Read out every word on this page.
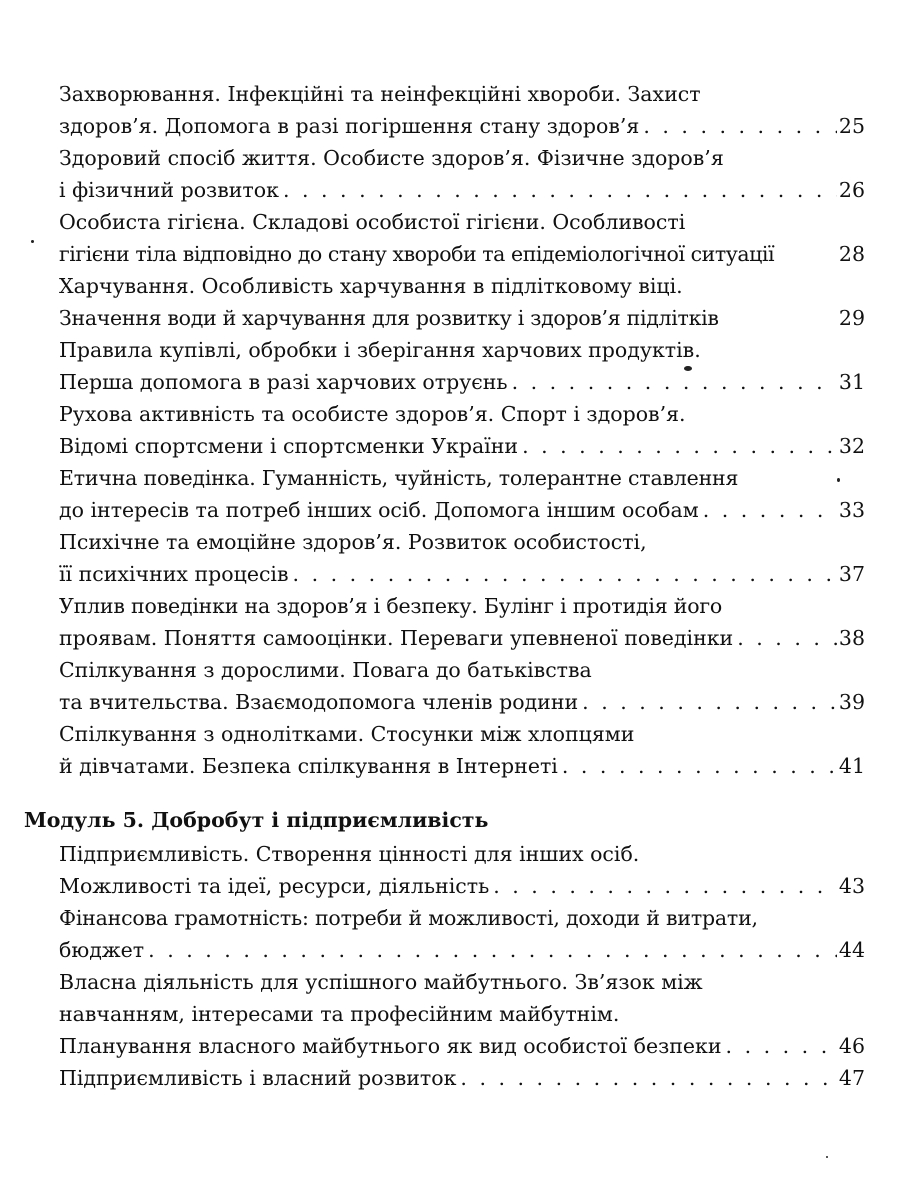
Захворювання. Інфекційні та неінфекційні хвороби. Захист
здоров’я. Допомога в разі погіршення стану здоров’я . . .	25
Здоровий спосіб життя. Особисте здоров’я. Фізичне здоров’я
і фізичний розвиток . . .	26
Особиста гігієна. Складові особистої гігієни. Особливості
гігієни тіла відповідно до стану хвороби та епідеміологічної ситуації	28
Харчування. Особливість харчування в підлітковому віці.
Значення води й харчування для розвитку і здоров’я підлітків	29
Правила купівлі, обробки і зберігання харчових продуктів.
Перша допомога в разі харчових отруєнь . . .	31
Рухова активність та особисте здоров’я. Спорт і здоров’я.
Відомі спортсмени і спортсменки України . . .	32
Етична поведінка. Гуманність, чуйність, толерантне ставлення
до інтересів та потреб інших осіб. Допомога іншим особам . . .	33
Психічне та емоційне здоров’я. Розвиток особистості,
її психічних процесів . . .	37
Уплив поведінки на здоров’я і безпеку. Булінг і протидія його
проявам. Поняття самооцінки. Переваги упевненої поведінки . . .	38
Спілкування з дорослими. Повага до батьківства
та вчительства. Взаємодопомога членів родини . . .	39
Спілкування з однолітками. Стосунки між хлопцями
й дівчатами. Безпека спілкування в Інтернеті . . .	41
Модуль 5. Добробут і підприємливість
Підприємливість. Створення цінності для інших осіб.
Можливості та ідеї, ресурси, діяльність . . .	43
Фінансова грамотність: потреби й можливості, доходи й витрати,
бюджет . . .	44
Власна діяльність для успішного майбутнього. Зв’язок між
навчанням, інтересами та професійним майбутнім.
Планування власного майбутнього як вид особистої безпеки . . .	46
Підприємливість і власний розвиток . . .	47
